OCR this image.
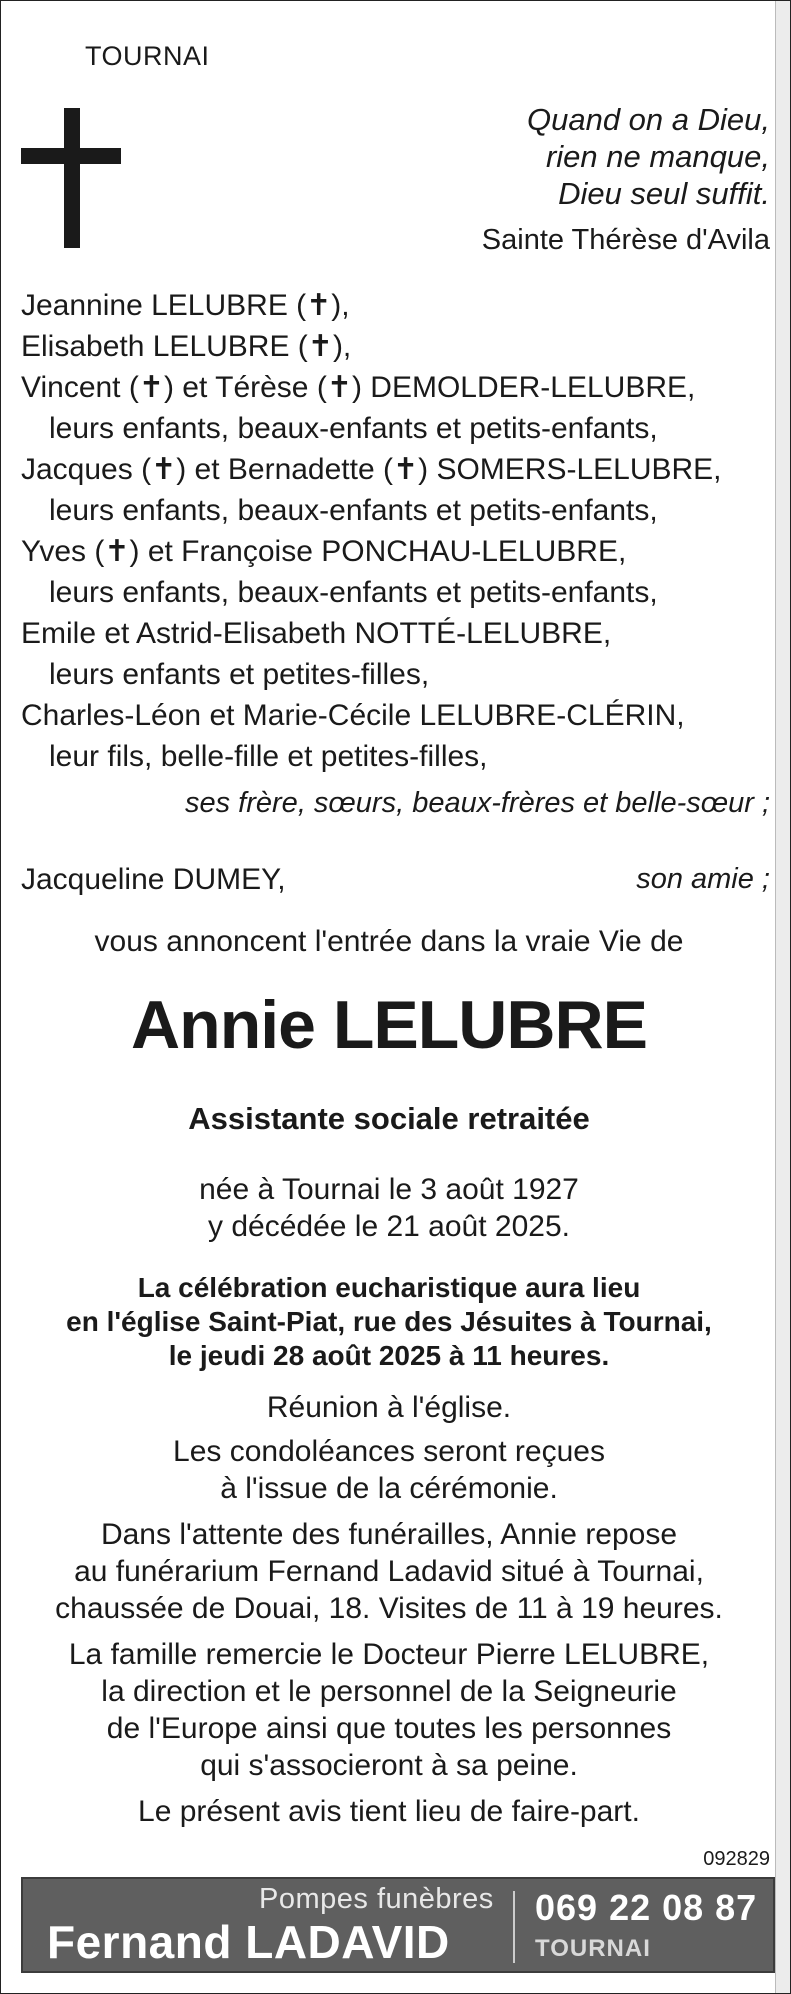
TOURNAI
Quand on a Dieu,
rien ne manque,
Dieu seul suffit.
Sainte Thérèse d'Avila
Jeannine LELUBRE (✝),
Elisabeth LELUBRE (✝),
Vincent (✝) et Térèse (✝) DEMOLDER-LELUBRE,
leurs enfants, beaux-enfants et petits-enfants,
Jacques (✝) et Bernadette (✝) SOMERS-LELUBRE,
leurs enfants, beaux-enfants et petits-enfants,
Yves (✝) et Françoise PONCHAU-LELUBRE,
leurs enfants, beaux-enfants et petits-enfants,
Emile et Astrid-Elisabeth NOTTÉ-LELUBRE,
leurs enfants et petites-filles,
Charles-Léon et Marie-Cécile LELUBRE-CLÉRIN,
leur fils, belle-fille et petites-filles,
ses frère, sœurs, beaux-frères et belle-sœur ;
Jacqueline DUMEY,	son amie ;
vous annoncent l'entrée dans la vraie Vie de
Annie LELUBRE
Assistante sociale retraitée
née à Tournai le 3 août 1927
y décédée le 21 août 2025.
La célébration eucharistique aura lieu
en l'église Saint-Piat, rue des Jésuites à Tournai,
le jeudi 28 août 2025 à 11 heures.
Réunion à l'église.
Les condoléances seront reçues
à l'issue de la cérémonie.
Dans l'attente des funérailles, Annie repose
au funérarium Fernand Ladavid situé à Tournai,
chaussée de Douai, 18. Visites de 11 à 19 heures.
La famille remercie le Docteur Pierre LELUBRE,
la direction et le personnel de la Seigneurie
de l'Europe ainsi que toutes les personnes
qui s'associeront à sa peine.
Le présent avis tient lieu de faire-part.
092829
Pompes funèbres
Fernand LADAVID
069 22 08 87
TOURNAI
